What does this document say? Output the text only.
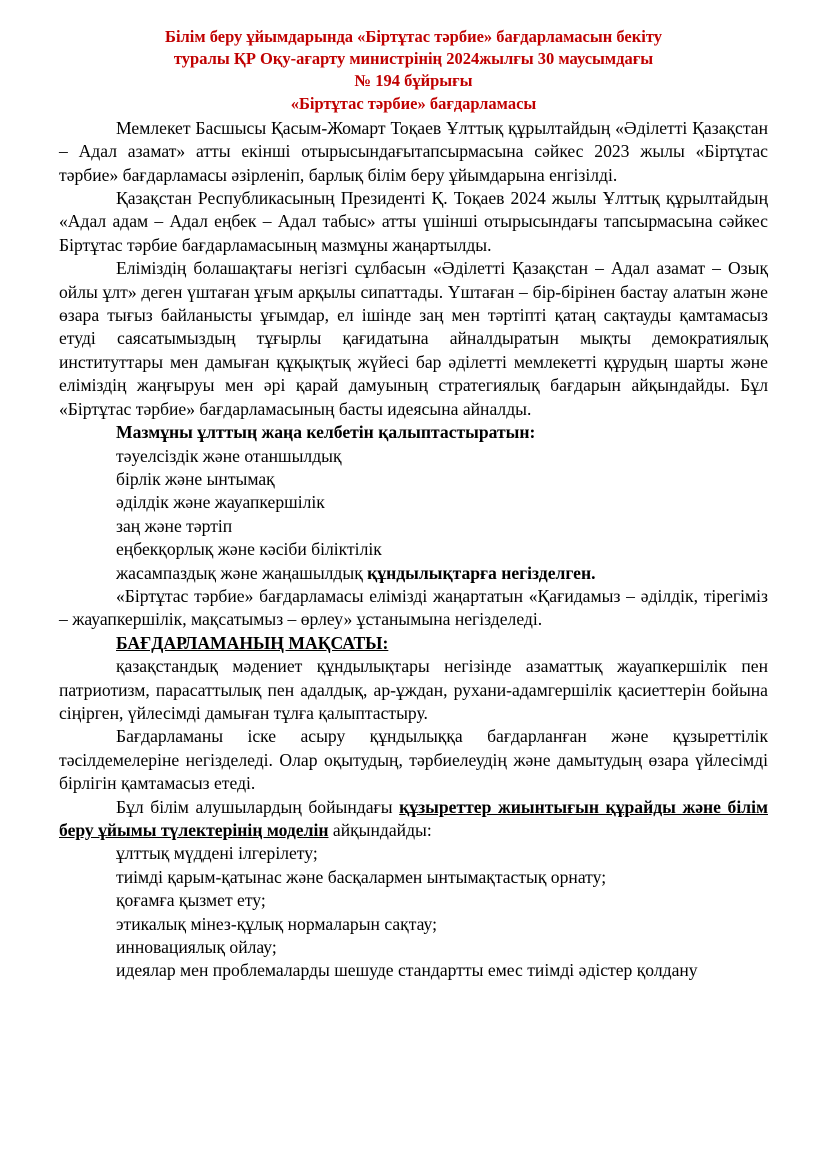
Білім беру ұйымдарында «Біртұтас тәрбие» бағдарламасын бекіту
туралы ҚР Оқу-ағарту министрінің 2024жылғы 30 маусымдағы
№ 194 бұйрығы
«Біртұтас тәрбие» бағдарламасы

Мемлекет Басшысы Қасым-Жомарт Тоқаев Ұлттық құрылтайдың «Әділетті Қазақстан – Адал азамат» атты екінші отырысындағытапсырмасына сәйкес 2023 жылы «Біртұтас тәрбие» бағдарламасы әзірленіп, барлық білім беру ұйымдарына енгізілді.

Қазақстан Республикасының Президенті Қ. Тоқаев 2024 жылы Ұлттық құрылтайдың «Адал адам – Адал еңбек – Адал табыс» атты үшінші отырысындағы тапсырмасына сәйкес Біртұтас тәрбие бағдарламасының мазмұны жаңартылды.

Еліміздің болашақтағы негізгі сұлбасын «Әділетті Қазақстан – Адал азамат – Озық ойлы ұлт» деген үштаған ұғым арқылы сипаттады. Үштаған – бір-бірінен бастау алатын және өзара тығыз байланысты ұғымдар, ел ішінде заң мен тәртіпті қатаң сақтауды қамтамасыз етуді саясатымыздың тұғырлы қағидатына айналдыратын мықты демократиялық институттары мен дамыған құқықтық жүйесі бар әділетті мемлекетті құрудың шарты және еліміздің жаңғыруы мен әрі қарай дамуының стратегиялық бағдарын айқындайды. Бұл «Біртұтас тәрбие» бағдарламасының басты идеясына айналды.

Мазмұны ұлттың жаңа келбетін қалыптастыратын:

тәуелсіздік және отаншылдық

бірлік және ынтымақ

әділдік және жауапкершілік

заң және тәртіп

еңбекқорлық және кәсіби біліктілік

жасампаздық және жаңашылдық құндылықтарға негізделген.

«Біртұтас тәрбие» бағдарламасы елімізді жаңартатын «Қағидамыз – әділдік, тірегіміз – жауапкершілік, мақсатымыз – өрлеу» ұстанымына негізделеді.

БАҒДАРЛАМАНЫҢ МАҚСАТЫ:

қазақстандық мәдениет құндылықтары негізінде азаматтық жауапкершілік пен патриотизм, парасаттылық пен адалдық, ар-ұждан, рухани-адамгершілік қасиеттерін бойына сіңірген, үйлесімді дамыған тұлға қалыптастыру.

Бағдарламаны іске асыру құндылыққа бағдарланған және құзыреттілік тәсілдемелеріне негізделеді. Олар оқытудың, тәрбиелеудің және дамытудың өзара үйлесімді бірлігін қамтамасыз етеді.

Бұл білім алушылардың бойындағы құзыреттер жиынтығын құрайды және білім беру ұйымы түлектерінің моделін айқындайды:

ұлттық мүддені ілгерілету;

тиімді қарым-қатынас және басқалармен ынтымақтастық орнату;

қоғамға қызмет ету;

этикалық мінез-құлық нормаларын сақтау;

инновациялық ойлау;

идеялар мен проблемаларды шешуде стандартты емес тиімді әдістер қолдану
